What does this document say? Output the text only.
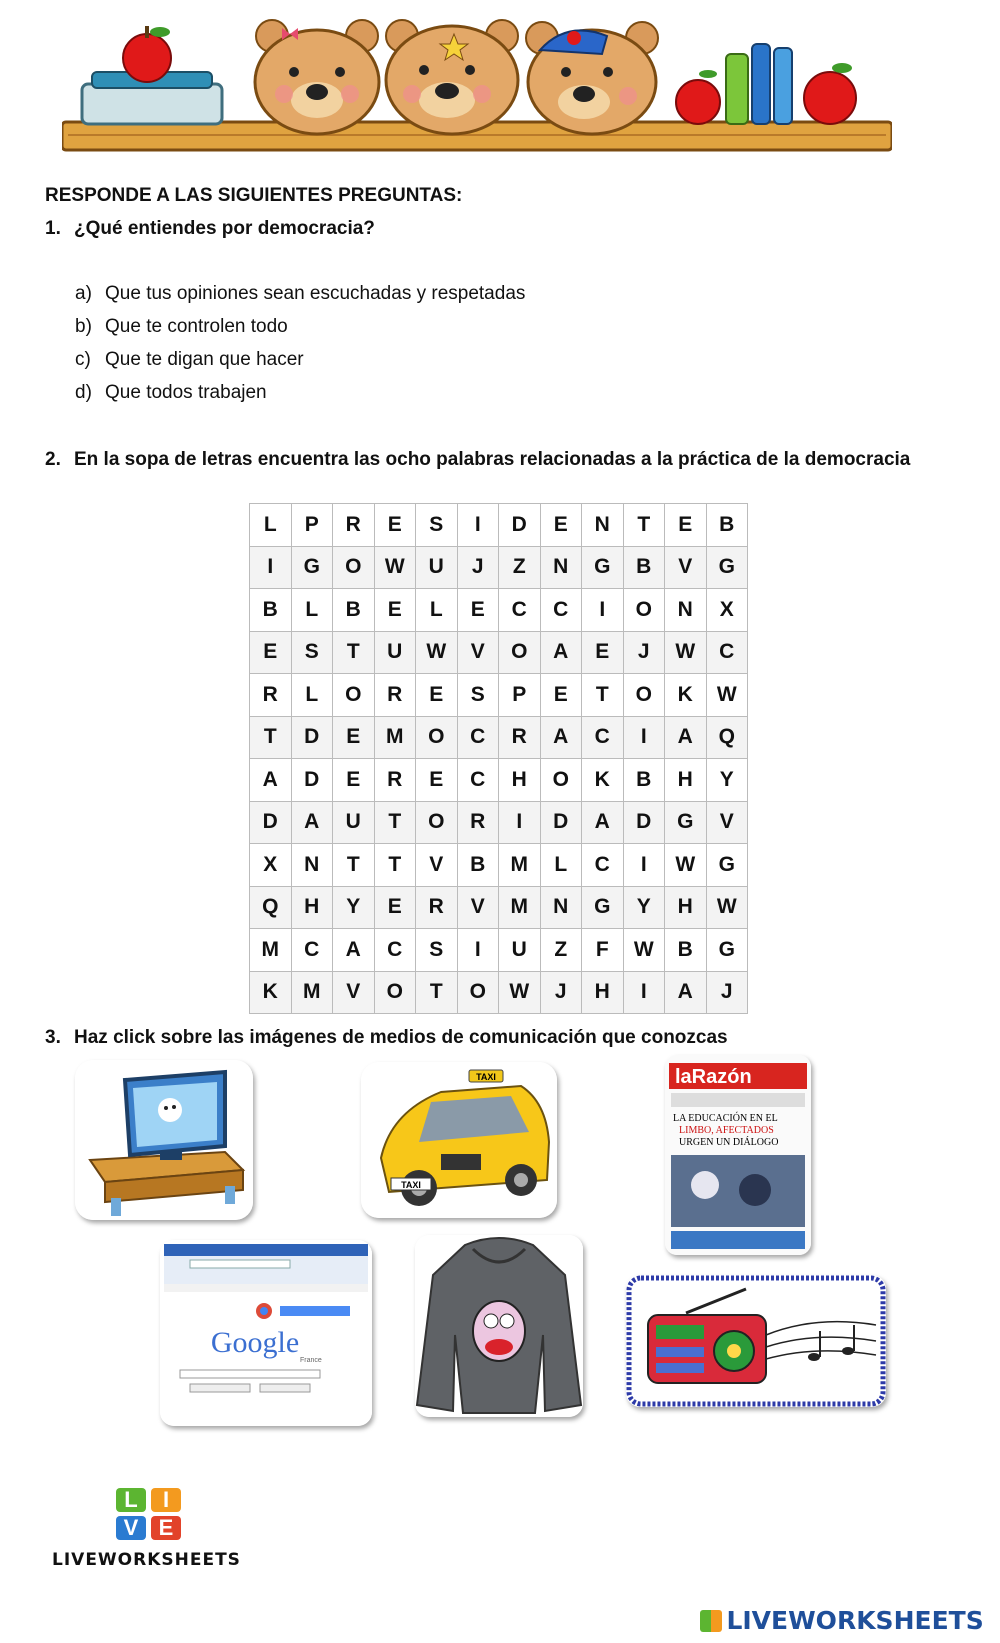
RESPONDE A LAS SIGUIENTES PREGUNTAS:
1. ¿Qué entiendes por democracia?
a) Que tus opiniones sean escuchadas y respetadas
b) Que te controlen todo
c) Que te digan que hacer
d) Que todos trabajen
2. En la sopa de letras encuentra las ocho palabras relacionadas a la práctica de la democracia
L	P	R	E	S	I	D	E	N	T	E	B
I	G	O	W	U	J	Z	N	G	B	V	G
B	L	B	E	L	E	C	C	I	O	N	X
E	S	T	U	W	V	O	A	E	J	W	C
R	L	O	R	E	S	P	E	T	O	K	W
T	D	E	M	O	C	R	A	C	I	A	Q
A	D	E	R	E	C	H	O	K	B	H	Y
D	A	U	T	O	R	I	D	A	D	G	V
X	N	T	T	V	B	M	L	C	I	W	G
Q	H	Y	E	R	V	M	N	G	Y	H	W
M	C	A	C	S	I	U	Z	F	W	B	G
K	M	V	O	T	O	W	J	H	I	A	J
3. Haz click sobre las imágenes de medios de comunicación que conozcas
TAXI
TAXI
laRazón
LA EDUCACIÓN EN EL
LIMBO, AFECTADOS
URGEN UN DIÁLOGO
Google
France
L	I
V E
LIVEWORKSHEETS
LIVEWORKSHEETS
